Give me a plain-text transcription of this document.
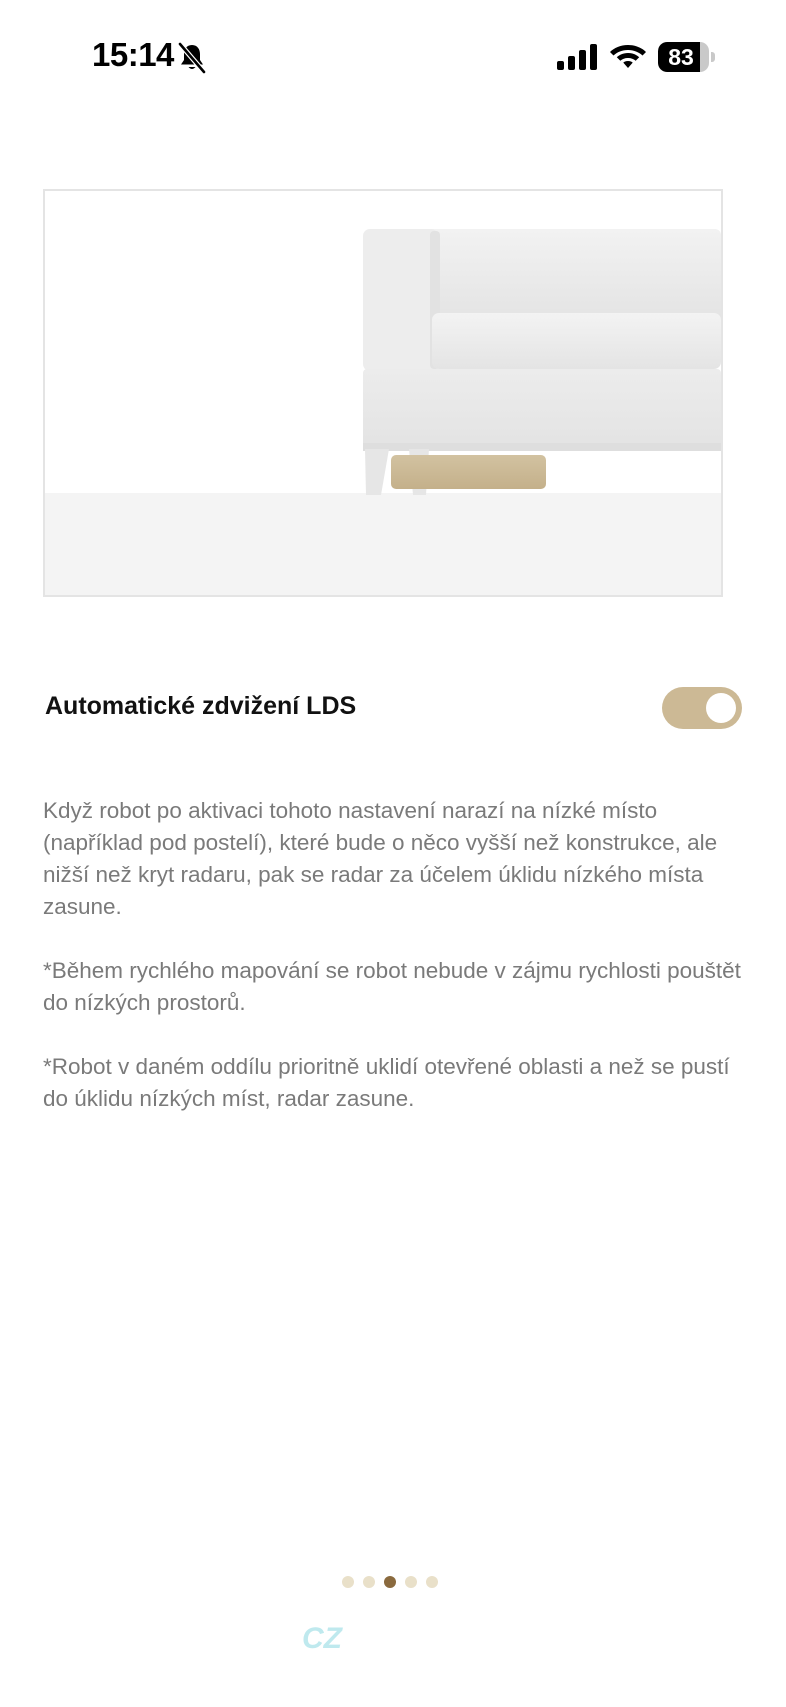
15:14	83
Automatické zdvižení LDS

Když robot po aktivaci tohoto nastavení narazí na nízké místo (například pod postelí), které bude o něco vyšší než konstrukce, ale nižší než kryt radaru, pak se radar za účelem úklidu nízkého místa zasune.

*Během rychlého mapování se robot nebude v zájmu rychlosti pouštět do nízkých prostorů.

*Robot v daném oddílu prioritně uklidí otevřené oblasti a než se pustí do úklidu nízkých míst, radar zasune.

CZ
